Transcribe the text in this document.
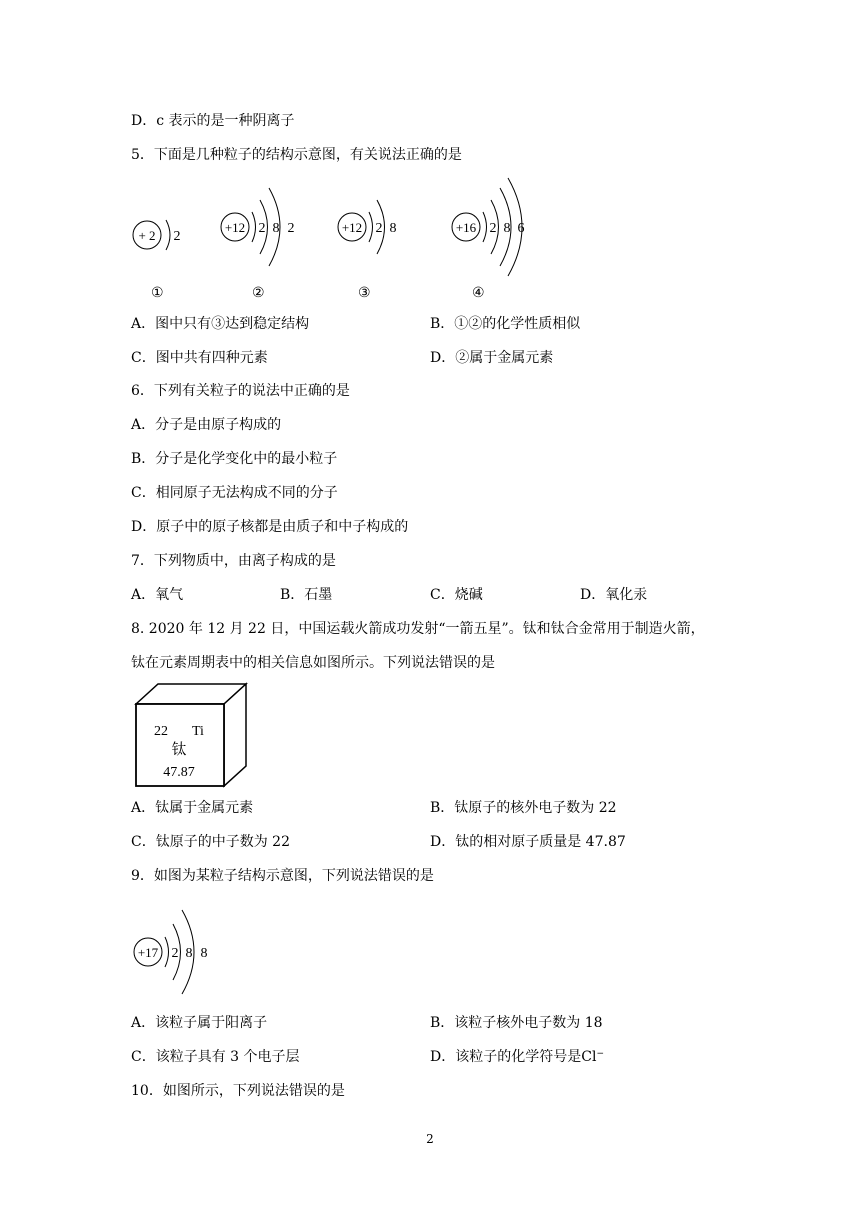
D．c 表示的是一种阴离子
5．下面是几种粒子的结构示意图，有关说法正确的是
+ 2 2
+12 2 8 2	+12 2 8	+16 2 8 6
①	②	③	④
A．图中只有③达到稳定结构	B．①②的化学性质相似
C．图中共有四种元素	D．②属于金属元素
6．下列有关粒子的说法中正确的是
A．分子是由原子构成的
B．分子是化学变化中的最小粒子
C．相同原子无法构成不同的分子
D．原子中的原子核都是由质子和中子构成的
7．下列物质中，由离子构成的是
A．氧气	B．石墨	C．烧碱	D．氧化汞
8. 2020 年 12 月 22 日，中国运载火箭成功发射“一箭五星”。钛和钛合金常用于制造火箭，
钛在元素周期表中的相关信息如图所示。下列说法错误的是
22 Ti
钛
47.87
A．钛属于金属元素	B．钛原子的核外电子数为 22
C．钛原子的中子数为 22	D．钛的相对原子质量是 47.87
9．如图为某粒子结构示意图，下列说法错误的是
+17 2 8 8
A．该粒子属于阳离子	B．该粒子核外电子数为 18
C．该粒子具有 3 个电子层	D．该粒子的化学符号是Cl−
10．如图所示，下列说法错误的是
2
